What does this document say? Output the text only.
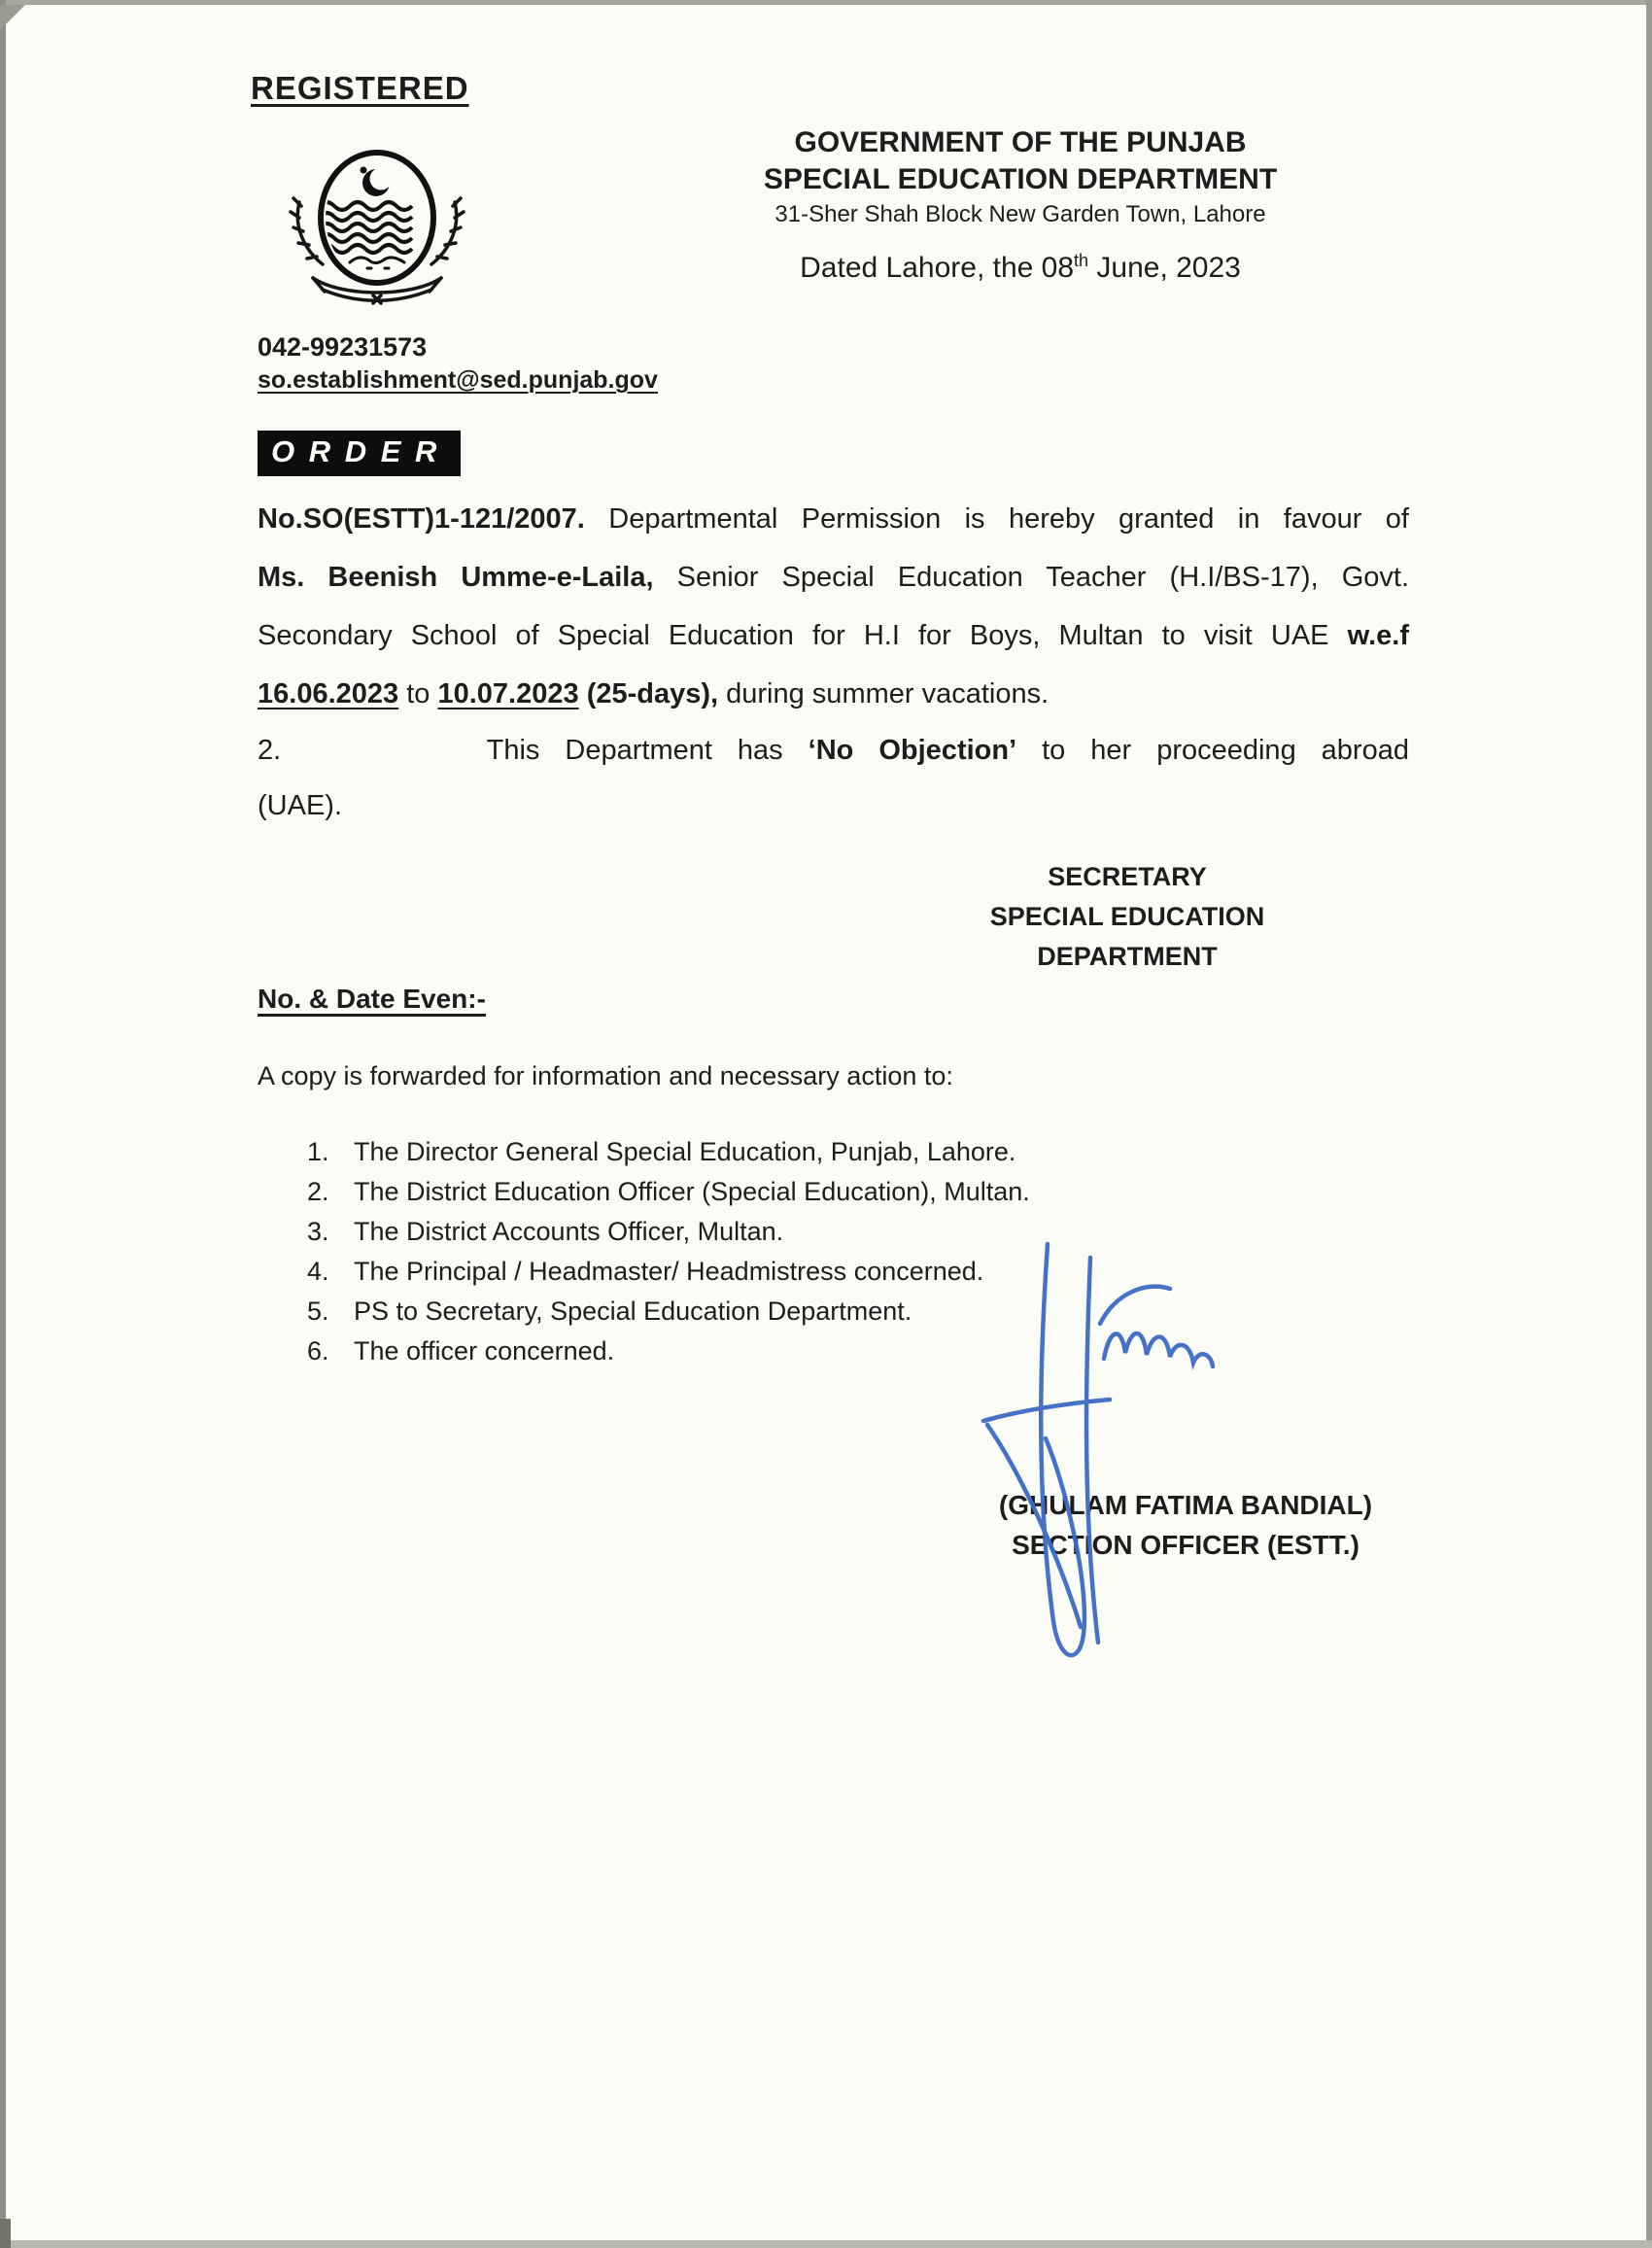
REGISTERED
GOVERNMENT OF THE PUNJAB
SPECIAL EDUCATION DEPARTMENT
31-Sher Shah Block New Garden Town, Lahore
Dated Lahore, the 08th June, 2023
042-99231573
so.establishment@sed.punjab.gov
O R D E R
No.SO(ESTT)1-121/2007. Departmental Permission is hereby granted in favour of
Ms. Beenish Umme-e-Laila, Senior Special Education Teacher (H.I/BS-17), Govt.
Secondary School of Special Education for H.I for Boys, Multan to visit UAE w.e.f
16.06.2023 to 10.07.2023 (25-days), during summer vacations.
2.	This Department has ‘No Objection’ to her proceeding abroad
(UAE).
SECRETARY
SPECIAL EDUCATION
DEPARTMENT
No. & Date Even:-
A copy is forwarded for information and necessary action to:
1. The Director General Special Education, Punjab, Lahore.
2. The District Education Officer (Special Education), Multan.
3. The District Accounts Officer, Multan.
4. The Principal / Headmaster/ Headmistress concerned.
5. PS to Secretary, Special Education Department.
6. The officer concerned.
(GHULAM FATIMA BANDIAL)
SECTION OFFICER (ESTT.)
